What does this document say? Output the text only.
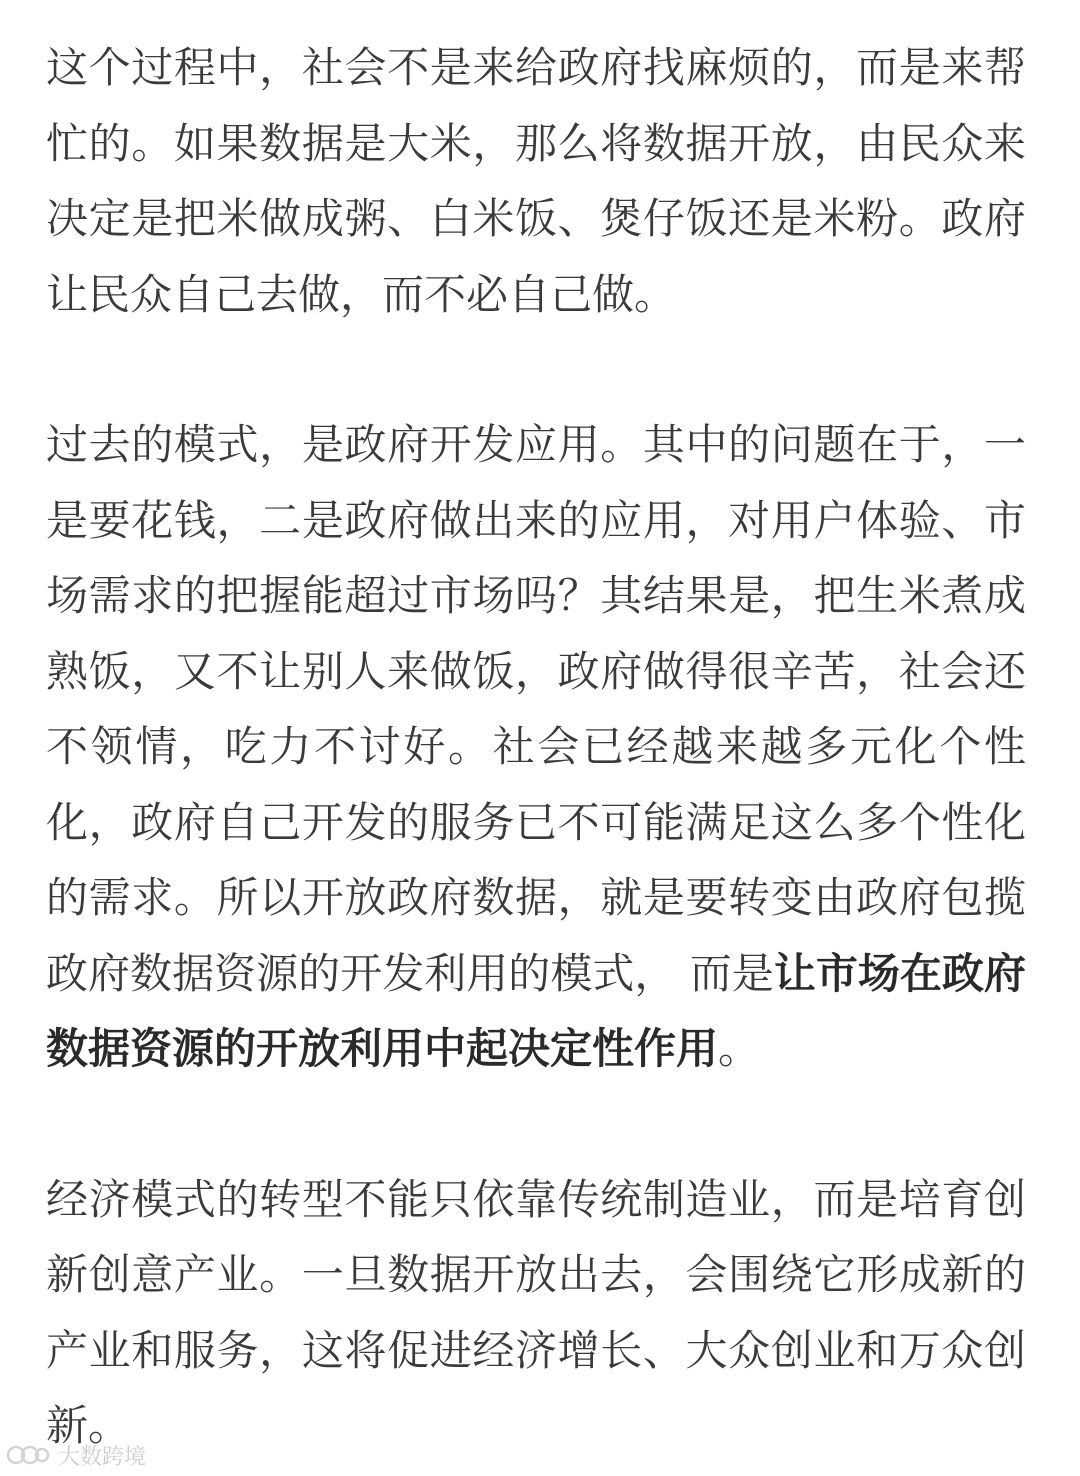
这个过程中，社会不是来给政府找麻烦的，而是来帮忙的。如果数据是大米，那么将数据开放，由民众来决定是把米做成粥、白米饭、煲仔饭还是米粉。政府让民众自己去做，而不必自己做。

过去的模式，是政府开发应用。其中的问题在于，一是要花钱，二是政府做出来的应用，对用户体验、市场需求的把握能超过市场吗？其结果是，把生米煮成熟饭，又不让别人来做饭，政府做得很辛苦，社会还不领情，吃力不讨好。社会已经越来越多元化个性化，政府自己开发的服务已不可能满足这么多个性化的需求。所以开放政府数据，就是要转变由政府包揽政府数据资源的开发利用的模式， 而是让市场在政府数据资源的开放利用中起决定性作用。

经济模式的转型不能只依靠传统制造业，而是培育创新创意产业。一旦数据开放出去，会围绕它形成新的产业和服务，这将促进经济增长、大众创业和万众创新。

大数跨境
